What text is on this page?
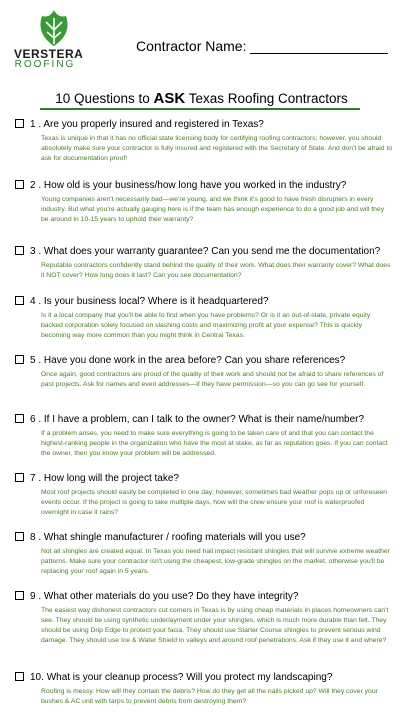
VERSTERA
ROOFING
Contractor Name:
10 Questions to ASK Texas Roofing Contractors
1 . Are you properly insured and registered in Texas?
Texas is unique in that it has no official state licensing body for certifying roofing contractors; however, you should absolutely make sure your contractor is fully insured and registered with the Secretary of State. And don't be afraid to ask for documentation proof!
2 . How old is your business/how long have you worked in the industry?
Young companies aren't necessarily bad—we're young, and we think it's good to have fresh disrupters in every industry. But what you're actually gauging here is if the team has enough experience to do a good job and will they be around in 10-15 years to uphold their warranty?
3 . What does your warranty guarantee? Can you send me the documentation?
Reputable contractors confidently stand behind the quality of their work. What does their warranty cover? What does it NOT cover? How long does it last? Can you see documentation?
4 . Is your business local? Where is it headquartered?
Is it a local company that you'll be able to find when you have problems? Or is it an out-of-state, private equity backed corporation solely focused on slashing costs and maximizing profit at your expense? This is quickly becoming way more common than you might think in Central Texas.
5 . Have you done work in the area before? Can you share references?
Once again, good contractors are proud of the quality of their work and should not be afraid to share references of past projects. Ask for names and even addresses—if they have permission—so you can go see for yourself.
6 . If I have a problem, can I talk to the owner? What is their name/number?
If a problem arises, you need to make sure everything is going to be taken care of and that you can contact the highest-ranking people in the organization who have the most at stake, as far as reputation goes. If you can contact the owner, then you know your problem will be addressed.
7 . How long will the project take?
Most roof projects should easily be completed in one day; however, sometimes bad weather pops up or unforeseen events occur. If the project is going to take multiple days, how will the crew ensure your roof is waterproofed overnight in case it rains?
8 . What shingle manufacturer / roofing materials will you use?
Not all shingles are created equal. In Texas you need hail impact resistant shingles that will survive extreme weather patterns. Make sure your contractor isn't using the cheapest, low-grade shingles on the market, otherwise you'll be replacing your roof again in 5 years.
9 . What other materials do you use? Do they have integrity?
The easiest way dishonest contractors cut corners in Texas is by using cheap materials in places homeowners can't see. They should be using synthetic underlayment under your shingles, which is much more durable than felt. They should be using Drip Edge to protect your facia. They should use Starter Course shingles to prevent serious wind damage. They should use Ice & Water Shield in valleys and around roof penetrations. Ask if they use it and where?
10. What is your cleanup process? Will you protect my landscaping?
Roofing is messy. How will they contain the debris? How do they get all the nails picked up? Will they cover your bushes & AC unit with tarps to prevent debris from destroying them?
